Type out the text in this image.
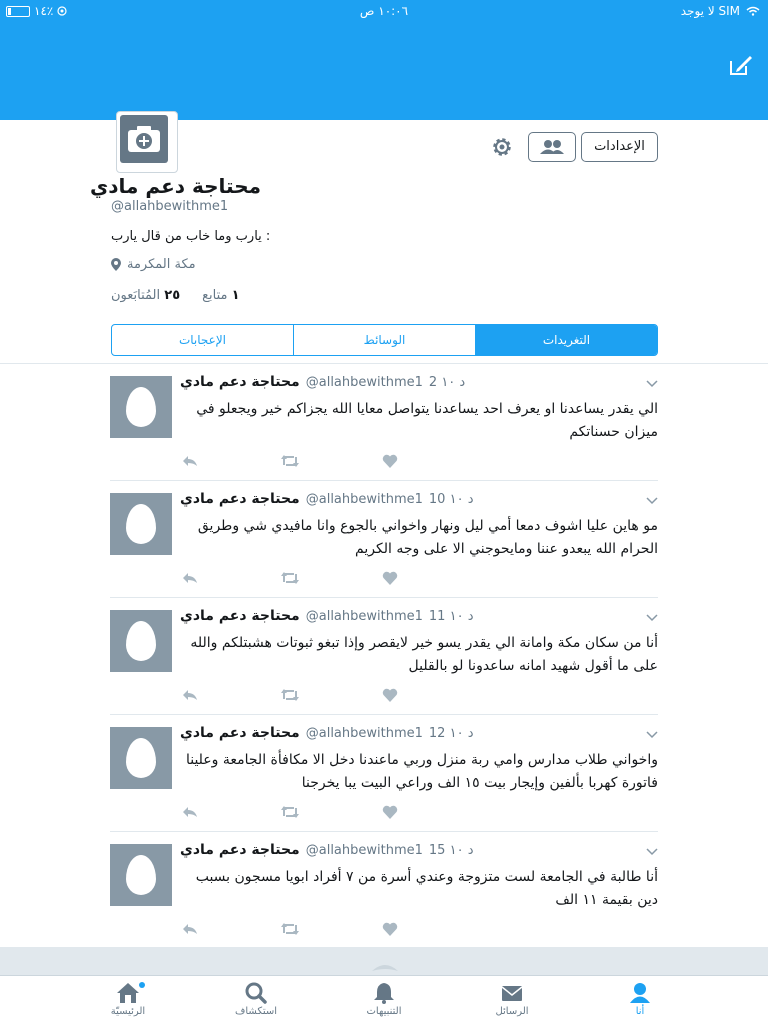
١٤٪	١٠:٠٦ ص	لا يوجد SIM
الإعدادات
محتاجة دعم مادي
@allahbewithme1
: يارب وما خاب من قال يارب
مكة المكرمة
١ متابع
٢٥ المُتابَعون
التغريدات
الوسائط
الإعجابات
محتاجة دعم مادي @allahbewithme1 2 د ١٠
الي يقدر يساعدنا او يعرف احد يساعدنا يتواصل معايا الله يجزاكم خير ويجعلو في ميزان حسناتكم
محتاجة دعم مادي @allahbewithme1 10 د ١٠
مو هاين عليا اشوف دمعا أمي ليل ونهار واخواني بالجوع وانا مافيدي شي وطريق الحرام الله يبعدو عننا ومايحوجني الا على وجه الكريم
محتاجة دعم مادي @allahbewithme1 11 د ١٠
أنا من سكان مكة وامانة الي يقدر يسو خير لايقصر وإذا تبغو ثبوتات هشبتلكم والله على ما أقول شهيد امانه ساعدونا لو بالقليل
محتاجة دعم مادي @allahbewithme1 12 د ١٠
واخواني طلاب مدارس وامي ربة منزل وربي ماعندنا دخل الا مكافأة الجامعة وعلينا فاتورة كهربا بألفين وإيجار بيت ١٥ الف وراعي البيت يبا يخرجنا
محتاجة دعم مادي @allahbewithme1 15 د ١٠
أنا طالبة في الجامعة لست متزوجة وعندي أسرة من ٧ أفراد ابويا مسجون بسبب دين بقيمة ١١ الف
الرئيسيّة	استكشاف	التنبيهات	الرسائل	أنا
